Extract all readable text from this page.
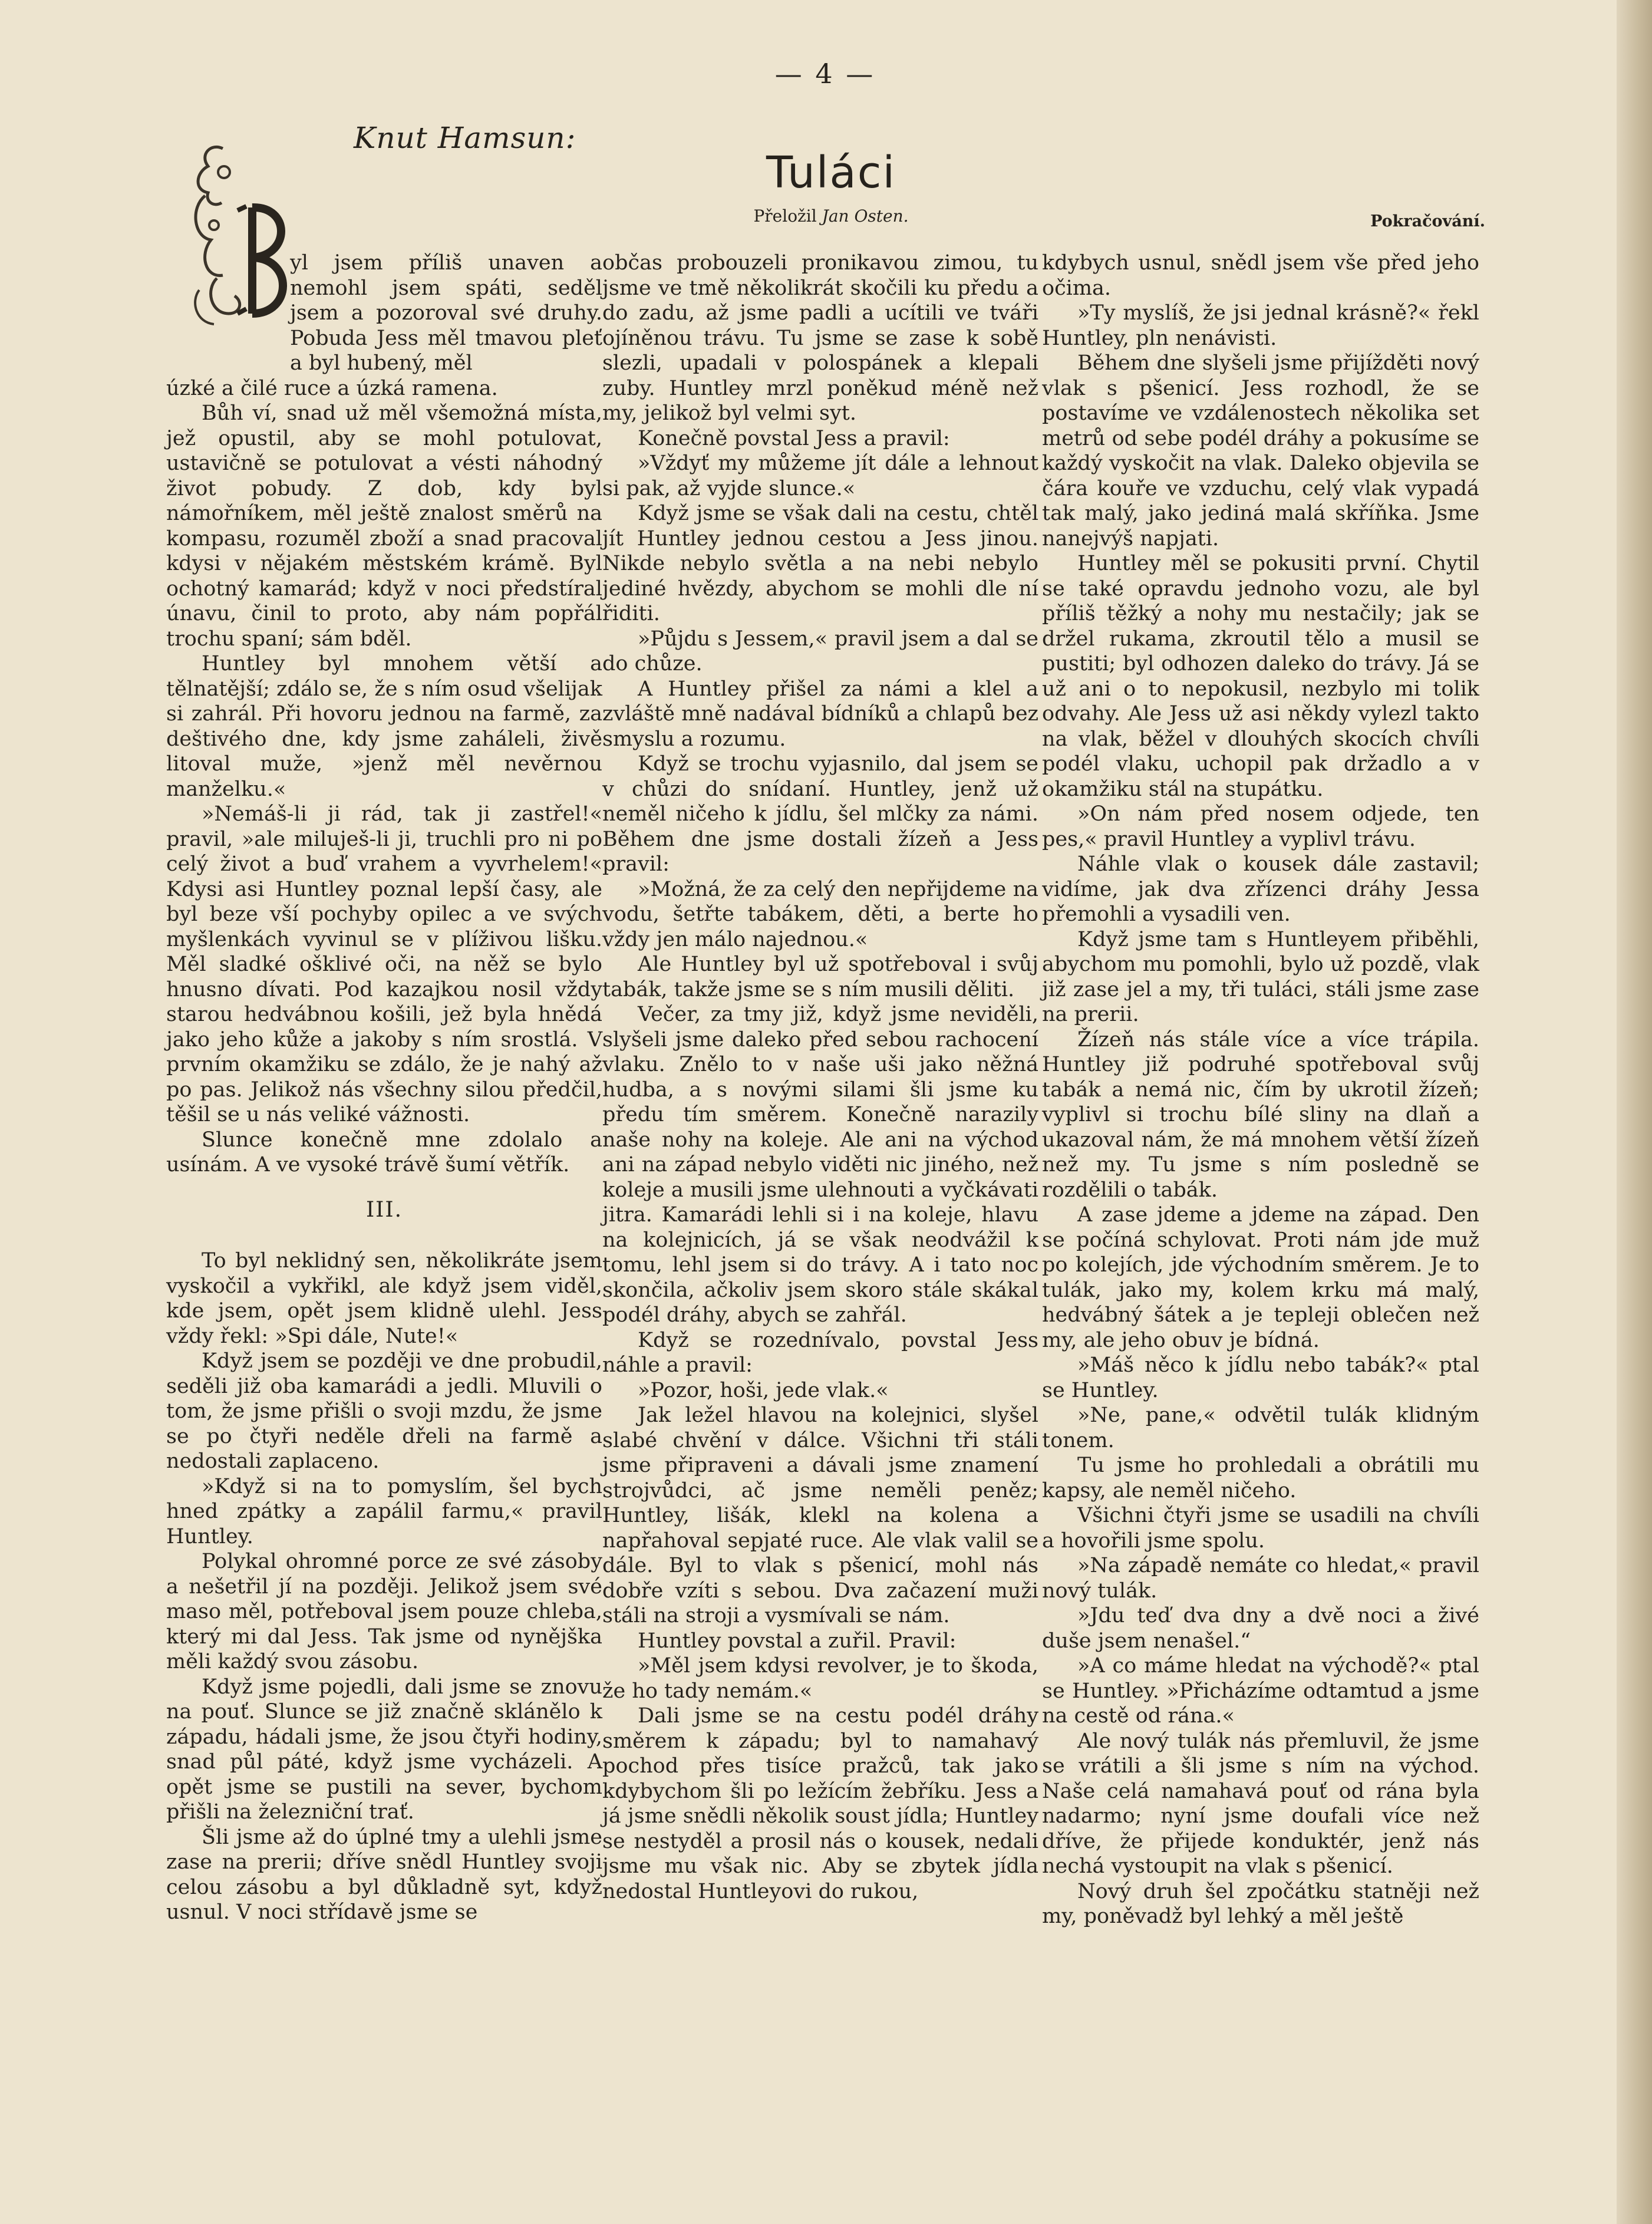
— 4 —
Knut Hamsun:
Tuláci
Přeložil Jan Osten.	Pokračování.
B

yl jsem příliš unaven a nemohl jsem spáti, seděl jsem a pozoroval své druhy. Pobuda Jess měl tmavou pleť a byl hubený, měl

úzké a čilé ruce a úzká ramena.

Bůh ví, snad už měl všemožná místa, jež opustil, aby se mohl potulovat, ustavičně se potulovat a vésti náhodný život pobudy. Z dob, kdy byl námořníkem, měl ještě znalost směrů na kompasu, rozuměl zboží a snad pracoval kdysi v nějakém městském krámě. Byl ochotný kamarád; když v noci předstíral únavu, činil to proto, aby nám popřál trochu spaní; sám bděl.

Huntley byl mnohem větší a tělnatější; zdálo se, že s ním osud všelijak si zahrál. Při hovoru jednou na farmě, za deštivého dne, kdy jsme zaháleli, živě litoval muže, »jenž měl nevěrnou manželku.«

»Nemáš-li ji rád, tak ji zastřel!« pravil, »ale miluješ-li ji, truchli pro ni po celý život a buď vrahem a vyvrhelem!« Kdysi asi Huntley poznal lepší časy, ale byl beze vší pochyby opilec a ve svých myšlenkách vyvinul se v plíživou lišku. Měl sladké ošklivé oči, na něž se bylo hnusno dívati. Pod kazajkou nosil vždy starou hedvábnou košili, jež byla hnědá jako jeho kůže a jakoby s ním srostlá. V prvním okamžiku se zdálo, že je nahý až po pas. Jelikož nás všechny silou předčil, těšil se u nás veliké vážnosti.

Slunce konečně mne zdolalo a usínám. A ve vysoké trávě šumí větřík.

III.

To byl neklidný sen, několikráte jsem vyskočil a vykřikl, ale když jsem viděl, kde jsem, opět jsem klidně ulehl. Jess vždy řekl: »Spi dále, Nute!«

Když jsem se později ve dne probudil, seděli již oba kamarádi a jedli. Mluvili o tom, že jsme přišli o svoji mzdu, že jsme se po čtyři neděle dřeli na farmě a nedostali zaplaceno.

»Když si na to pomyslím, šel bych hned zpátky a zapálil farmu,« pravil Huntley.

Polykal ohromné porce ze své zásoby a nešetřil jí na později. Jelikož jsem své maso měl, potřeboval jsem pouze chleba, který mi dal Jess. Tak jsme od nynějška měli každý svou zásobu.

Když jsme pojedli, dali jsme se znovu na pouť. Slunce se již značně sklánělo k západu, hádali jsme, že jsou čtyři hodiny, snad půl páté, když jsme vycházeli. A opět jsme se pustili na sever, bychom přišli na železniční trať.

Šli jsme až do úplné tmy a ulehli jsme zase na prerii; dříve snědl Huntley svoji celou zásobu a byl důkladně syt, když usnul. V noci střídavě jsme se

občas probouzeli pronikavou zimou, tu jsme ve tmě několikrát skočili ku předu a do zadu, až jsme padli a ucítili ve tváři ojíněnou trávu. Tu jsme se zase k sobě slezli, upadali v polospánek a klepali zuby. Huntley mrzl poněkud méně než my, jelikož byl velmi syt.

Konečně povstal Jess a pravil:

»Vždyť my můžeme jít dále a lehnout si pak, až vyjde slunce.«

Když jsme se však dali na cestu, chtěl jít Huntley jednou cestou a Jess jinou. Nikde nebylo světla a na nebi nebylo jediné hvězdy, abychom se mohli dle ní řiditi.

»Půjdu s Jessem,« pravil jsem a dal se do chůze.

A Huntley přišel za námi a klel a zvláště mně nadával bídníků a chlapů bez smyslu a rozumu.

Když se trochu vyjasnilo, dal jsem se v chůzi do snídaní. Huntley, jenž už neměl ničeho k jídlu, šel mlčky za námi. Během dne jsme dostali žízeň a Jess pravil:

»Možná, že za celý den nepřijdeme na vodu, šetřte tabákem, děti, a berte ho vždy jen málo najednou.«

Ale Huntley byl už spotřeboval i svůj tabák, takže jsme se s ním musili děliti.

Večer, za tmy již, když jsme neviděli, slyšeli jsme daleko před sebou rachocení vlaku. Znělo to v naše uši jako něžná hudba, a s novými silami šli jsme ku předu tím směrem. Konečně narazily naše nohy na koleje. Ale ani na východ ani na západ nebylo viděti nic jiného, než koleje a musili jsme ulehnouti a vyčkávati jitra. Kamarádi lehli si i na koleje, hlavu na kolejnicích, já se však neodvážil k tomu, lehl jsem si do trávy. A i tato noc skončila, ačkoliv jsem skoro stále skákal podél dráhy, abych se zahřál.

Když se rozednívalo, povstal Jess náhle a pravil:

»Pozor, hoši, jede vlak.«

Jak ležel hlavou na kolejnici, slyšel slabé chvění v dálce. Všichni tři stáli jsme připraveni a dávali jsme znamení strojvůdci, ač jsme neměli peněz; Huntley, lišák, klekl na kolena a napřahoval sepjaté ruce. Ale vlak valil se dále. Byl to vlak s pšenicí, mohl nás dobře vzíti s sebou. Dva začazení muži stáli na stroji a vysmívali se nám.

Huntley povstal a zuřil. Pravil:

»Měl jsem kdysi revolver, je to škoda, že ho tady nemám.«

Dali jsme se na cestu podél dráhy směrem k západu; byl to namahavý pochod přes tisíce pražců, tak jako kdybychom šli po ležícím žebříku. Jess a já jsme snědli několik soust jídla; Huntley se nestyděl a prosil nás o kousek, nedali jsme mu však nic. Aby se zbytek jídla nedostal Huntleyovi do rukou,

kdybych usnul, snědl jsem vše před jeho očima.

»Ty myslíš, že jsi jednal krásně?« řekl Huntley, pln nenávisti.

Během dne slyšeli jsme přijížděti nový vlak s pšenicí. Jess rozhodl, že se postavíme ve vzdálenostech několika set metrů od sebe podél dráhy a pokusíme se každý vyskočit na vlak. Daleko objevila se čára kouře ve vzduchu, celý vlak vypadá tak malý, jako jediná malá skříňka. Jsme nanejvýš napjati.

Huntley měl se pokusiti první. Chytil se také opravdu jednoho vozu, ale byl příliš těžký a nohy mu nestačily; jak se držel rukama, zkroutil tělo a musil se pustiti; byl odhozen daleko do trávy. Já se už ani o to nepokusil, nezbylo mi tolik odvahy. Ale Jess už asi někdy vylezl takto na vlak, běžel v dlouhých skocích chvíli podél vlaku, uchopil pak držadlo a v okamžiku stál na stupátku.

»On nám před nosem odjede, ten pes,« pravil Huntley a vyplivl trávu.

Náhle vlak o kousek dále zastavil; vidíme, jak dva zřízenci dráhy Jessa přemohli a vysadili ven.

Když jsme tam s Huntleyem přiběhli, abychom mu pomohli, bylo už pozdě, vlak již zase jel a my, tři tuláci, stáli jsme zase na prerii.

Žízeň nás stále více a více trápila. Huntley již podruhé spotřeboval svůj tabák a nemá nic, čím by ukrotil žízeň; vyplivl si trochu bílé sliny na dlaň a ukazoval nám, že má mnohem větší žízeň než my. Tu jsme s ním posledně se rozdělili o tabák.

A zase jdeme a jdeme na západ. Den se počíná schylovat. Proti nám jde muž po kolejích, jde východním směrem. Je to tulák, jako my, kolem krku má malý, hedvábný šátek a je tepleji oblečen než my, ale jeho obuv je bídná.

»Máš něco k jídlu nebo tabák?« ptal se Huntley.

»Ne, pane,« odvětil tulák klidným tonem.

Tu jsme ho prohledali a obrátili mu kapsy, ale neměl ničeho.

Všichni čtyři jsme se usadili na chvíli a hovořili jsme spolu.

»Na západě nemáte co hledat,« pravil nový tulák.

»Jdu teď dva dny a dvě noci a živé duše jsem nenašel.“

»A co máme hledat na východě?« ptal se Huntley. »Přicházíme odtamtud a jsme na cestě od rána.«

Ale nový tulák nás přemluvil, že jsme se vrátili a šli jsme s ním na východ. Naše celá namahavá pouť od rána byla nadarmo; nyní jsme doufali více než dříve, že přijede konduktér, jenž nás nechá vystoupit na vlak s pšenicí.

Nový druh šel zpočátku statněji než my, poněvadž byl lehký a měl ještě
